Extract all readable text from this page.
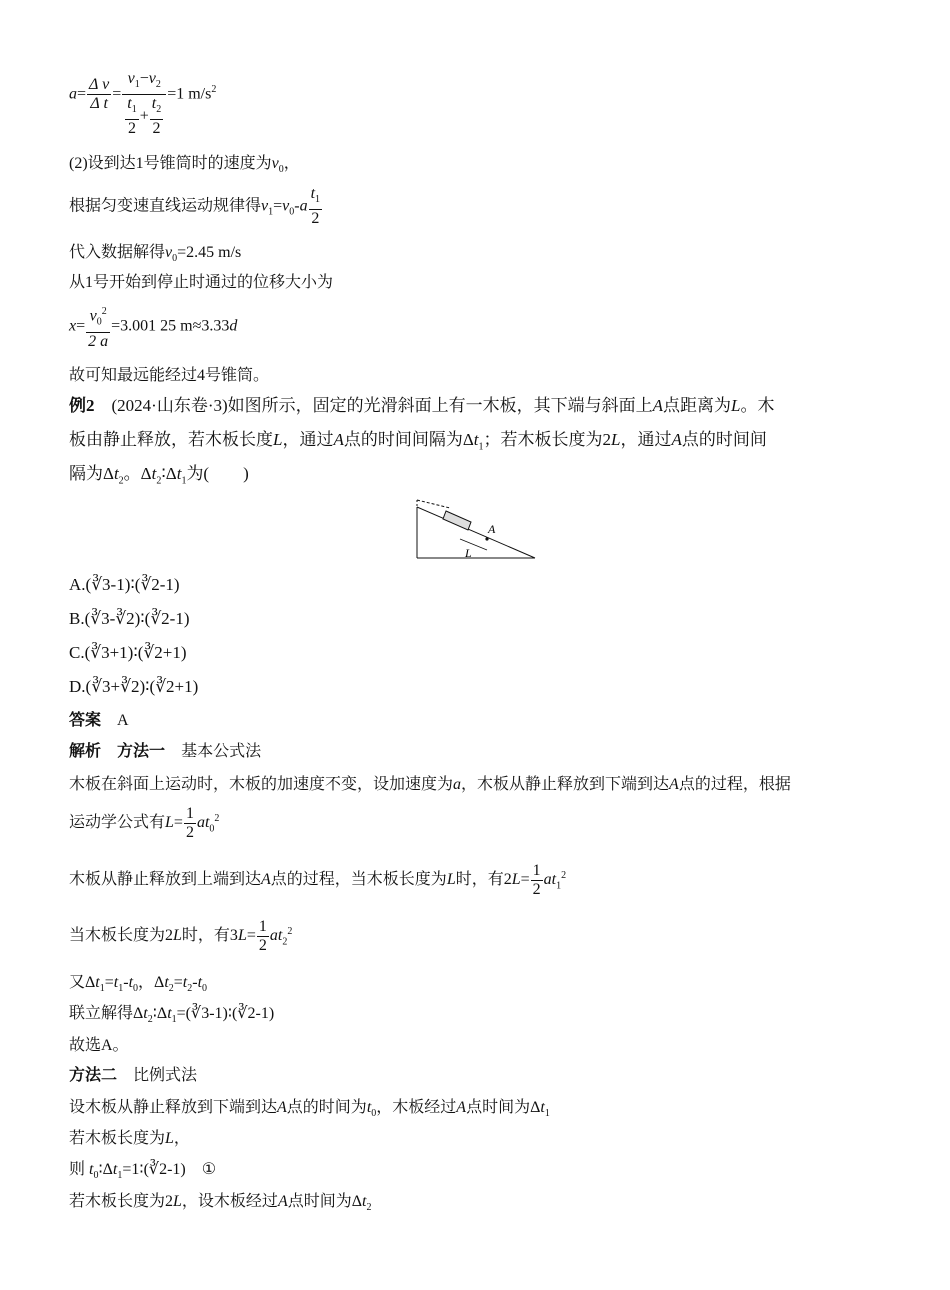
$a= \frac{\text{Δ v}}{\text{Δ t}} = \frac{v_1-v_2}{\frac{t_1}{2} + \frac{t_2}{2}} =1$ $m/s^2$
(2)设到达1号锥筒时的速度为$v_0$，
根据匀变速直线运动规律得$v_1=v_0-a \frac{t_1}{2}$
代入数据解得$v_0=2.45$ m/s
从1号开始到停止时通过的位移大小为
$x= \frac{v_0^2}{2 a} =3.001$ 25 m≈3.33d
故可知最远能经过4号锥筒。
例2　 (2024·山东卷·3)如图所示，固定的光滑斜面上有一木板，其下端与斜面上A点距离为L。木
板由静止释放，若木板长度L，通过A点的时间间隔为$\Delta t_1$；若木板长度为2L，通过A点的时间间
隔为$\Delta t_2$。$\Delta t_2∶\Delta t_1$为(　　)
A
L
A.(∛3-1)∶(∛2-1)
B.(∛3-∛2)∶(∛2-1)
C.(∛3+1)∶(∛2+1)
D.(∛3+∛2)∶(∛2+1)
答案　 A
解析　 方法一　 基本公式法
木板在斜面上运动时，木板的加速度不变，设加速度为a，木板从静止释放到下端到达A点的过程，根据
运动学公式有$L= \frac{1}{2} at_0^2$
木板从静止释放到上端到达A点的过程，当木板长度为L时，有$2L= \frac{1}{2} at_1^2$
当木板长度为2L时，有$3L= \frac{1}{2} at_2^2$
又$\Delta t_1=t_1-t_0$，$\Delta t_2=t_2-t_0$
联立解得$\Delta t_2∶\Delta t_1=(∛3-1)∶(∛2-1)$
故选A。
方法二　 比例式法
设木板从静止释放到下端到达A点的时间为$t_0$，木板经过A点时间为$\Delta t_1$
若木板长度为L，
则 $t_0∶\Delta t_1=1∶(∛2-1)$　①
若木板长度为2L，设木板经过A点时间为$\Delta t_2$
